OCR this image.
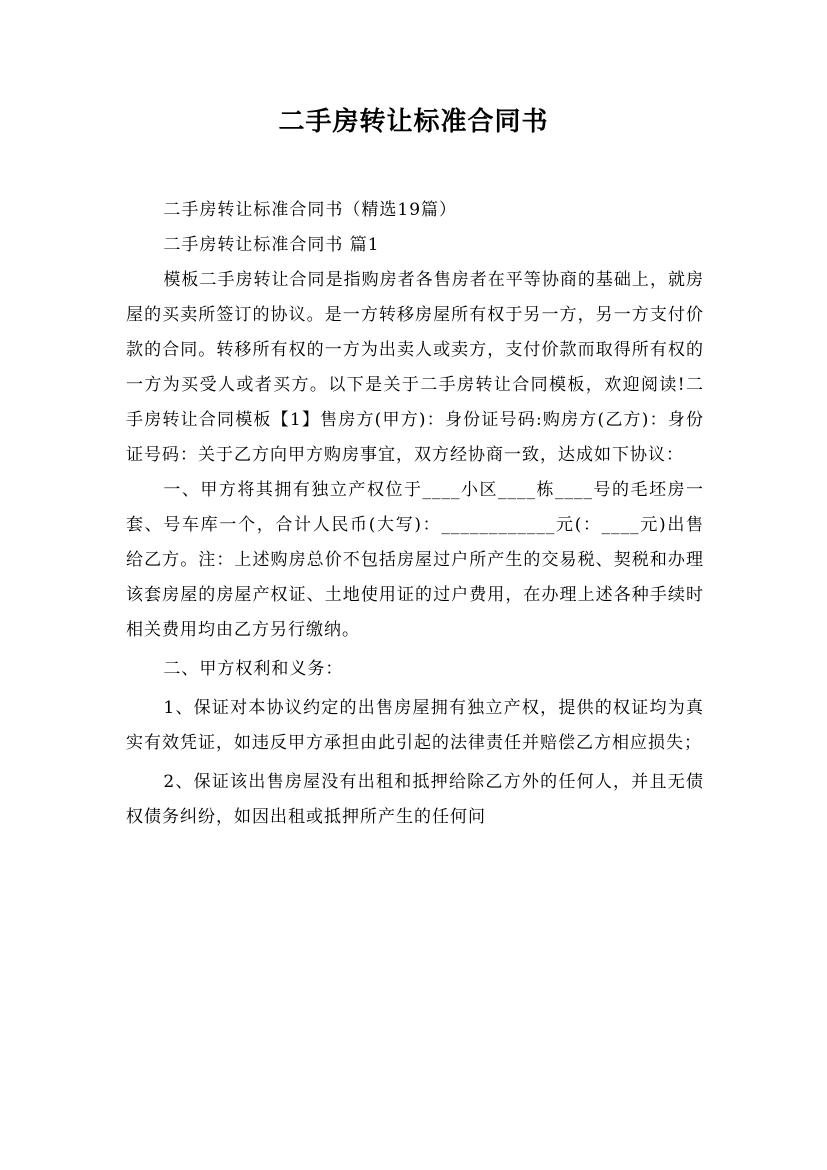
二手房转让标准合同书

二手房转让标准合同书（精选19篇）

二手房转让标准合同书 篇1

模板二手房转让合同是指购房者各售房者在平等协商的基础上，就房屋的买卖所签订的协议。是一方转移房屋所有权于另一方，另一方支付价款的合同。转移所有权的一方为出卖人或卖方，支付价款而取得所有权的一方为买受人或者买方。以下是关于二手房转让合同模板，欢迎阅读!二手房转让合同模板【1】售房方(甲方)：身份证号码:购房方(乙方)：身份证号码：关于乙方向甲方购房事宜，双方经协商一致，达成如下协议：

一、甲方将其拥有独立产权位于____小区____栋____号的毛坯房一套、号车库一个，合计人民币(大写)：____________元(：____元)出售给乙方。注：上述购房总价不包括房屋过户所产生的交易税、契税和办理该套房屋的房屋产权证、土地使用证的过户费用，在办理上述各种手续时相关费用均由乙方另行缴纳。

二、甲方权利和义务：

1、保证对本协议约定的出售房屋拥有独立产权，提供的权证均为真实有效凭证，如违反甲方承担由此引起的法律责任并赔偿乙方相应损失；

2、保证该出售房屋没有出租和抵押给除乙方外的任何人，并且无债权债务纠纷，如因出租或抵押所产生的任何问
